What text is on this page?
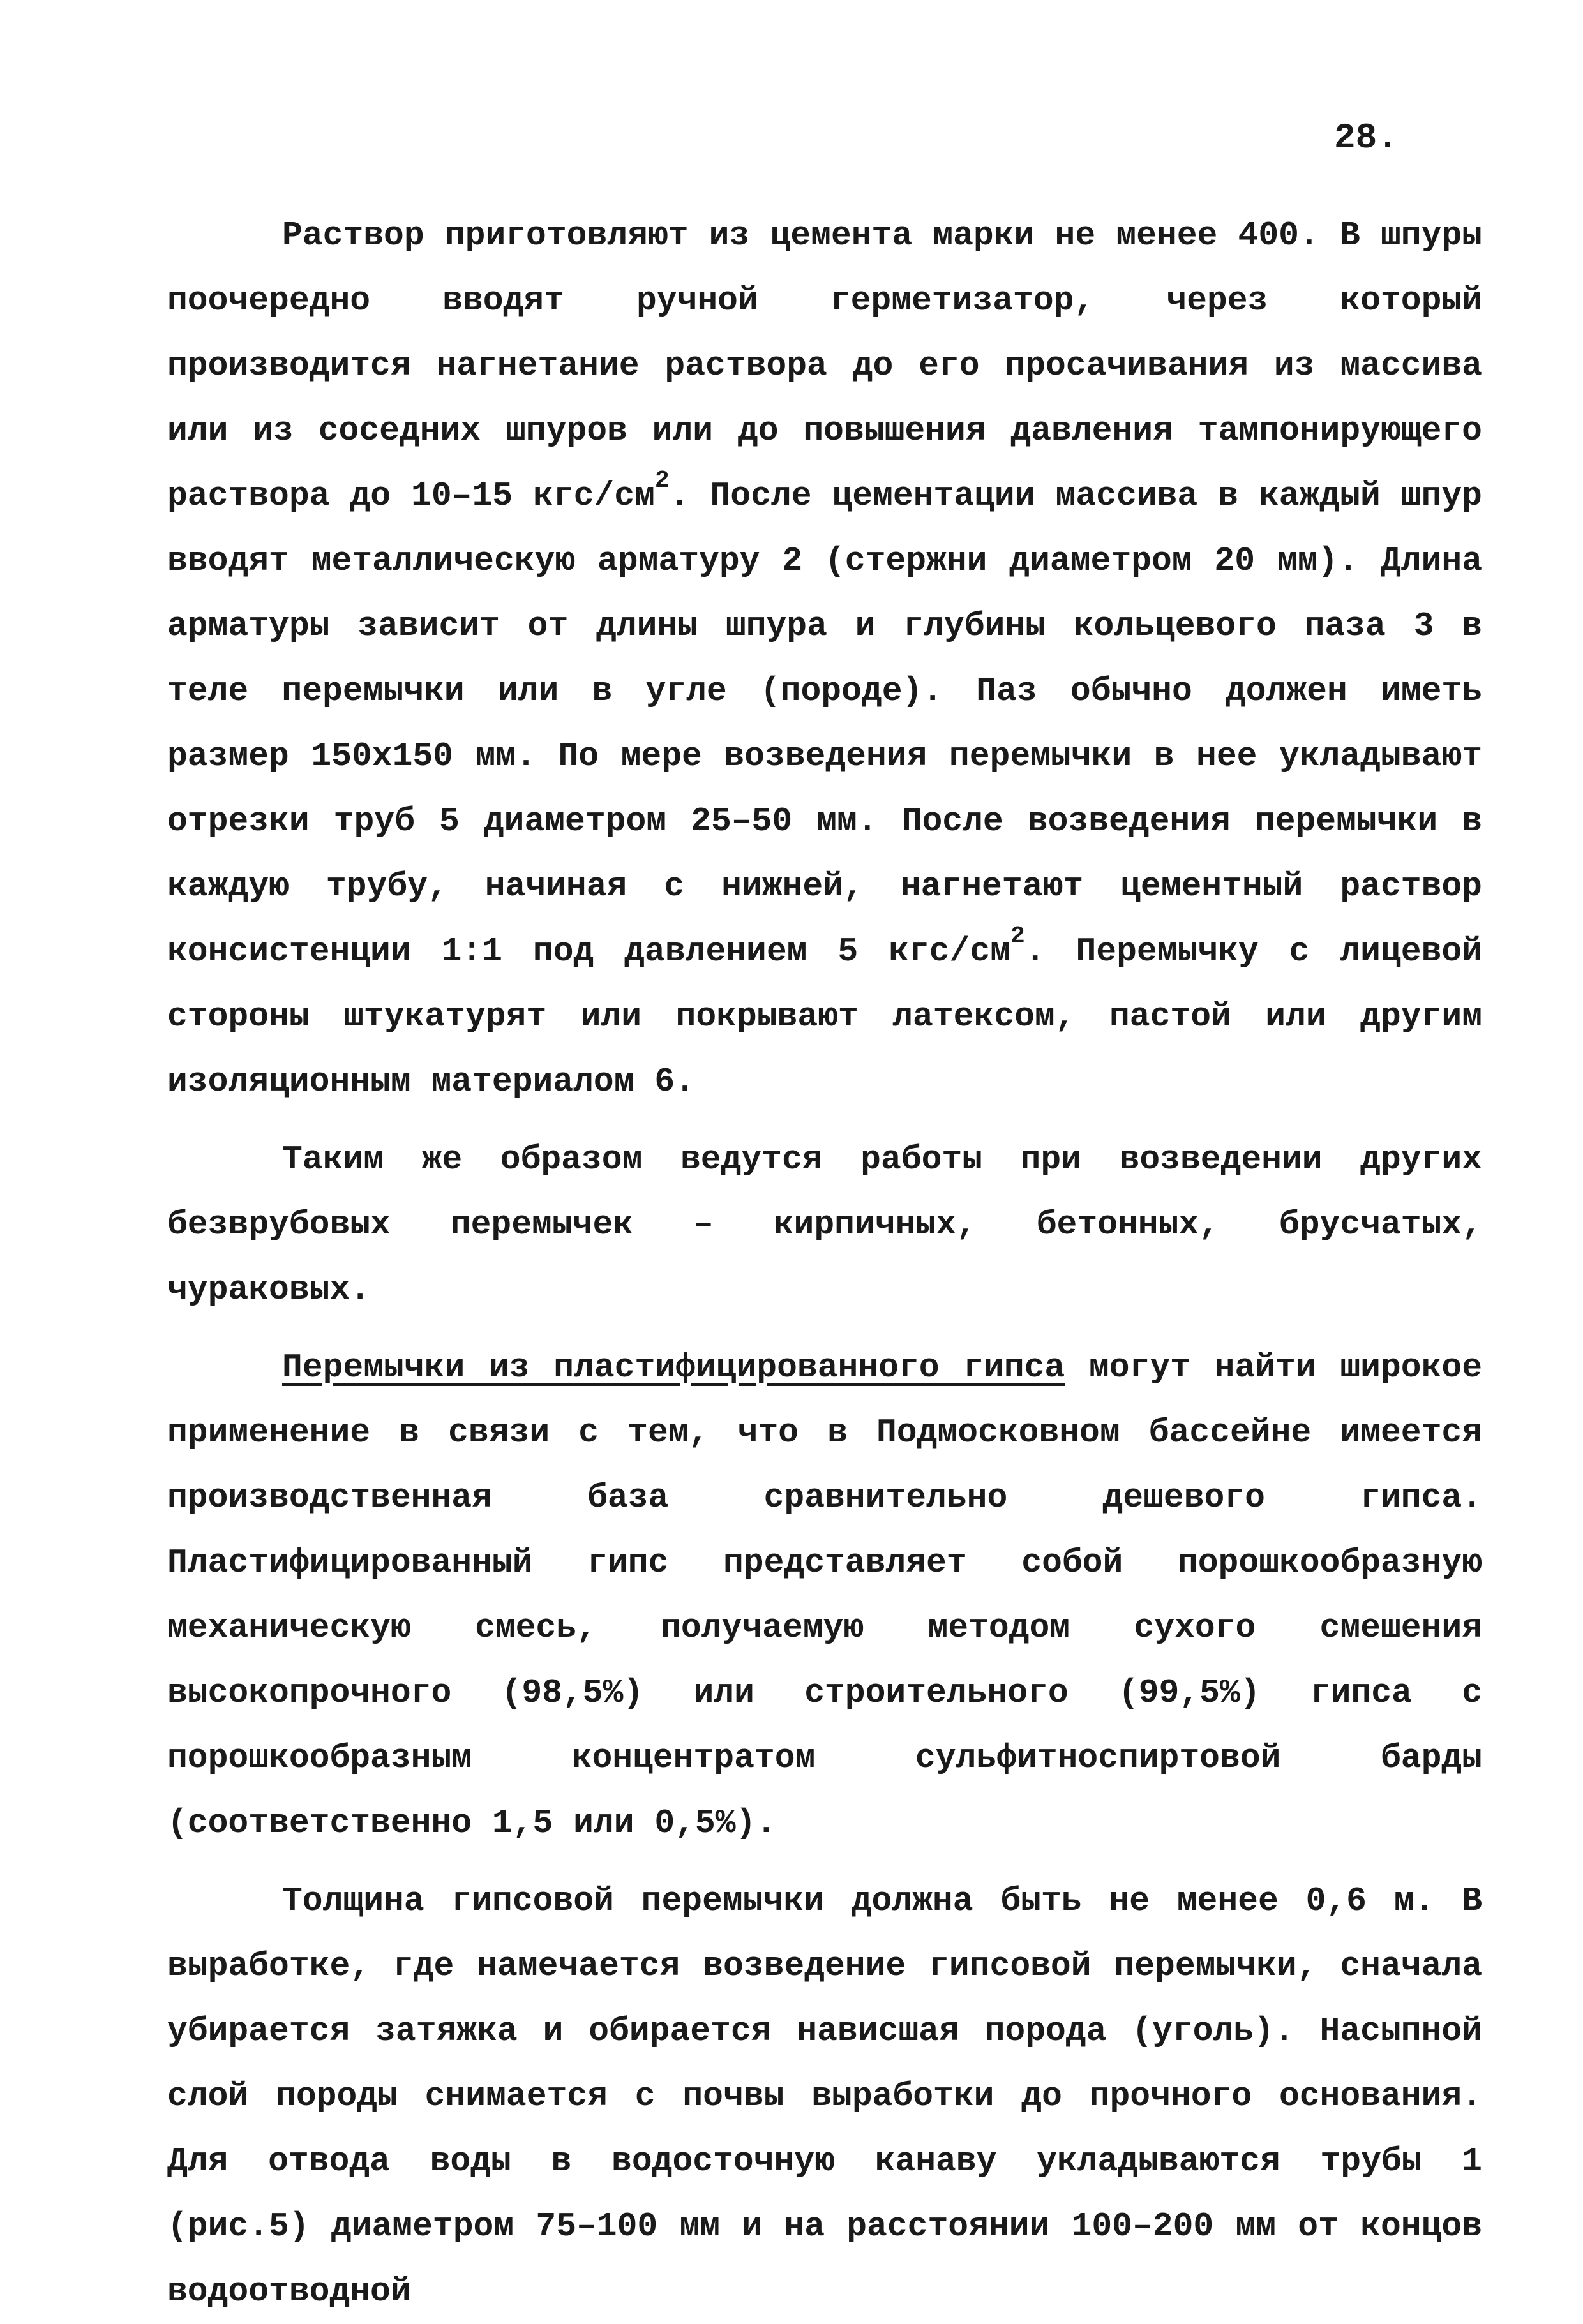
28.

Раствор приготовляют из цемента марки не менее 400. В шпуры поочередно вводят ручной герметизатор, через который производится нагнетание раствора до его просачивания из массива или из соседних шпуров или до повышения давления тампонирующего раствора до 10–15 кгс/$см^2$. После цементации массива в каждый шпур вводят металлическую арматуру 2 (стержни диаметром 20 мм). Длина арматуры зависит от длины шпура и глубины кольцевого паза 3 в теле перемычки или в угле (породе). Паз обычно должен иметь размер 150x150 мм. По мере возведения перемычки в нее укладывают отрезки труб 5 диаметром 25–50 мм. После возведения перемычки в каждую трубу, начиная с нижней, нагнетают цементный раствор консистенции 1:1 под давлением 5 кгс/$см^2$. Перемычку с лицевой стороны штукатурят или покрывают латексом, пастой или другим изоляционным материалом 6.

Таким же образом ведутся работы при возведении других безврубовых перемычек – кирпичных, бетонных, брусчатых, чураковых.

Перемычки из пластифицированного гипса могут найти широкое применение в связи с тем, что в Подмосковном бассейне имеется производственная база сравнительно дешевого гипса. Пластифицированный гипс представляет собой порошкообразную механическую смесь, получаемую методом сухого смешения высокопрочного (98,5%) или строительного (99,5%) гипса с порошкообразным концентратом сульфитноспиртовой барды (соответственно 1,5 или 0,5%).

Толщина гипсовой перемычки должна быть не менее 0,6 м. В выработке, где намечается возведение гипсовой перемычки, сначала убирается затяжка и обирается нависшая порода (уголь). Насыпной слой породы снимается с почвы выработки до прочного основания. Для отвода воды в водосточную канаву укладываются трубы 1 (рис.5) диаметром 75–100 мм и на расстоянии 100–200 мм от концов водоотводной
